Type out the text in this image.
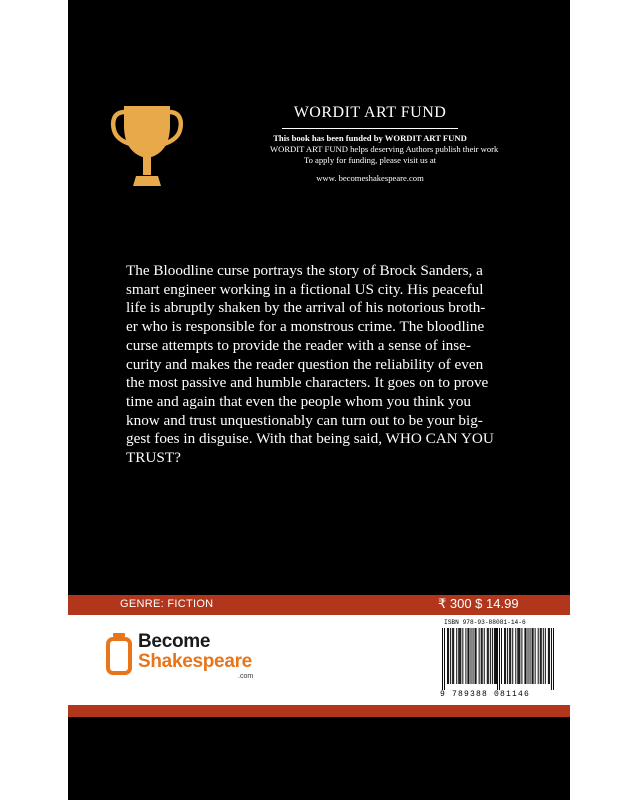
WORDIT ART FUND
This book has been funded by WORDIT ART FUND
WORDIT ART FUND helps deserving Authors publish their work
To apply for funding, please visit us at
www. becomeshakespeare.com
The Bloodline curse portrays the story of Brock Sanders, a
smart engineer working in a fictional US city. His peaceful
life is abruptly shaken by the arrival of his notorious broth-
er who is responsible for a monstrous crime. The bloodline
curse attempts to provide the reader with a sense of inse-
curity and makes the reader question the reliability of even
the most passive and humble characters. It goes on to prove
time and again that even the people whom you think you
know and trust unquestionably can turn out to be your big-
gest foes in disguise. With that being said, WHO CAN YOU
TRUST?
GENRE: FICTION	₹ 300 $ 14.99
Become
Shakespeare
.com
ISBN 978-93-88081-14-6
9 789388 081146
